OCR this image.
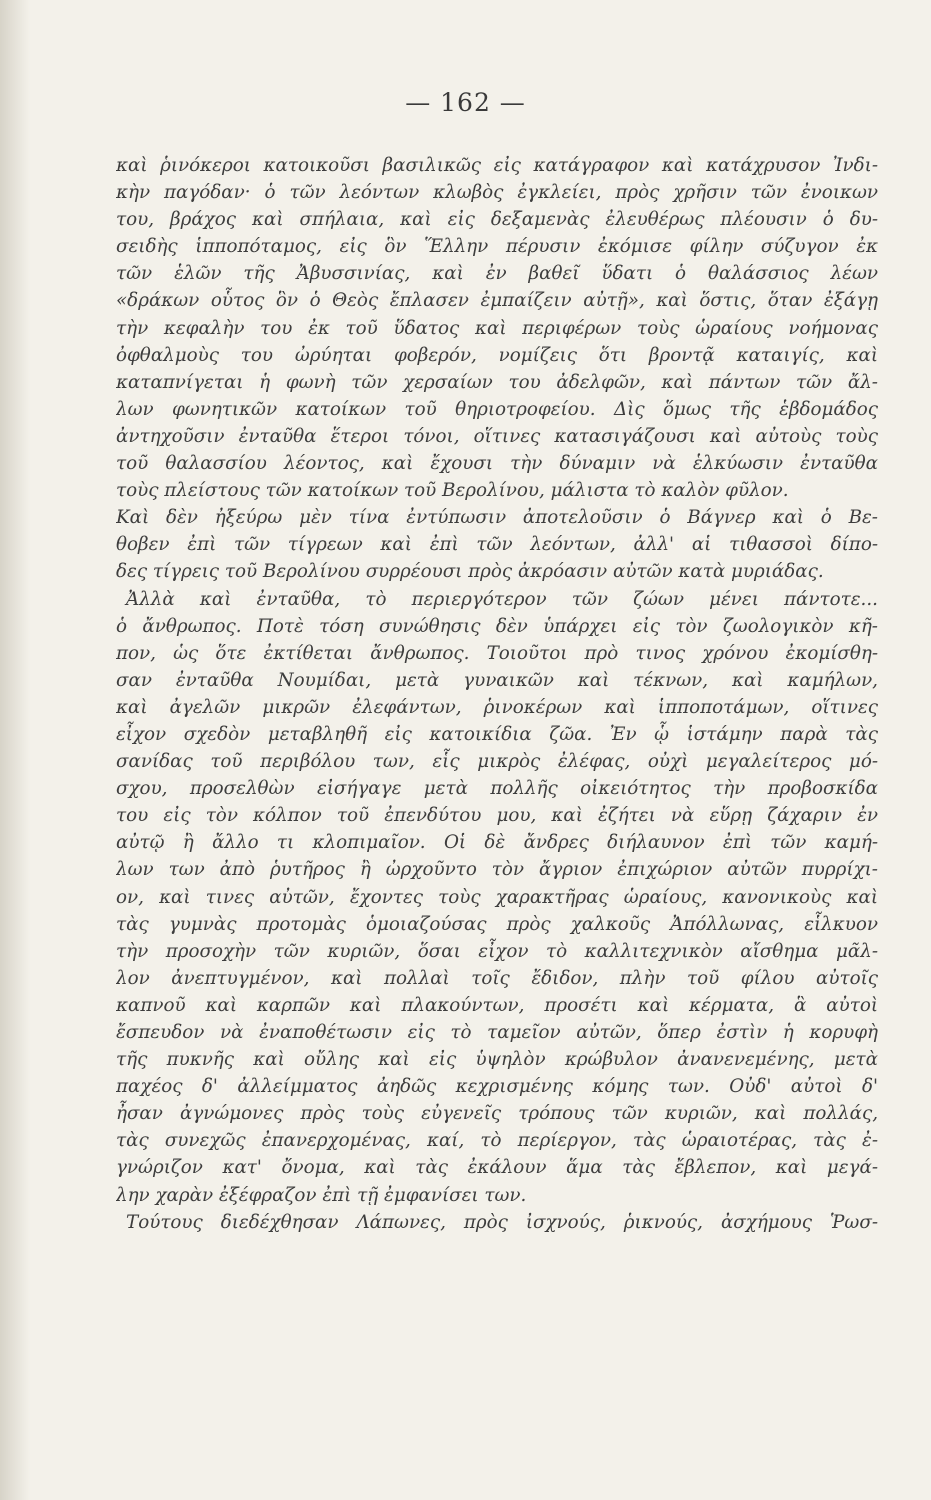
— 162 —
καὶ ῥινόκεροι κατοικοῦσι βασιλικῶς εἰς κατάγραφον καὶ κατάχρυσον Ἰνδι-
κὴν παγόδαν· ὁ τῶν λεόντων κλωβὸς ἐγκλείει, πρὸς χρῆσιν τῶν ἐνοικων
του, βράχος καὶ σπήλαια, καὶ εἰς δεξαμενὰς ἐλευθέρως πλέουσιν ὁ δυ-
σειδὴς ἱπποπόταμος, εἰς ὃν Ἕλλην πέρυσιν ἐκόμισε φίλην σύζυγον ἐκ
τῶν ἑλῶν τῆς Ἀβυσσινίας, καὶ ἐν βαθεῖ ὕδατι ὁ θαλάσσιος λέων
«δράκων οὗτος ὃν ὁ Θεὸς ἔπλασεν ἐμπαίζειν αὐτῇ», καὶ ὅστις, ὅταν ἐξάγῃ
τὴν κεφαλὴν του ἐκ τοῦ ὕδατος καὶ περιφέρων τοὺς ὡραίους νοήμονας
ὀφθαλμοὺς του ὠρύηται φοβερόν, νομίζεις ὅτι βροντᾷ καταιγίς, καὶ
καταπνίγεται ἡ φωνὴ τῶν χερσαίων του ἀδελφῶν, καὶ πάντων τῶν ἄλ-
λων φωνητικῶν κατοίκων τοῦ θηριοτροφείου. Δὶς ὅμως τῆς ἑβδομάδος
ἀντηχοῦσιν ἐνταῦθα ἕτεροι τόνοι, οἵτινες κατασιγάζουσι καὶ αὐτοὺς τοὺς
τοῦ θαλασσίου λέοντος, καὶ ἔχουσι τὴν δύναμιν νὰ ἑλκύωσιν ἐνταῦθα
τοὺς πλείστους τῶν κατοίκων τοῦ Βερολίνου, μάλιστα τὸ καλὸν φῦλον.
Καὶ δὲν ἠξεύρω μὲν τίνα ἐντύπωσιν ἀποτελοῦσιν ὁ Βάγνερ καὶ ὁ Βε-
θοβεν ἐπὶ τῶν τίγρεων καὶ ἐπὶ τῶν λεόντων, ἀλλ' αἱ τιθασσοὶ δίπο-
δες τίγρεις τοῦ Βερολίνου συρρέουσι πρὸς ἀκρόασιν αὐτῶν κατὰ μυριάδας.
Ἀλλὰ καὶ ἐνταῦθα, τὸ περιεργότερον τῶν ζώων μένει πάντοτε...
ὁ ἄνθρωπος. Ποτὲ τόση συνώθησις δὲν ὑπάρχει εἰς τὸν ζωολογικὸν κῆ-
πον, ὡς ὅτε ἐκτίθεται ἄνθρωπος. Τοιοῦτοι πρὸ τινος χρόνου ἐκομίσθη-
σαν ἐνταῦθα Νουμίδαι, μετὰ γυναικῶν καὶ τέκνων, καὶ καμήλων,
καὶ ἀγελῶν μικρῶν ἐλεφάντων, ῥινοκέρων καὶ ἱπποποτάμων, οἵτινες
εἶχον σχεδὸν μεταβληθῆ εἰς κατοικίδια ζῶα. Ἐν ᾧ ἱστάμην παρὰ τὰς
σανίδας τοῦ περιβόλου των, εἷς μικρὸς ἐλέφας, οὐχὶ μεγαλείτερος μό-
σχου, προσελθὼν εἰσήγαγε μετὰ πολλῆς οἰκειότητος τὴν προβοσκίδα
του εἰς τὸν κόλπον τοῦ ἐπενδύτου μου, καὶ ἐζήτει νὰ εὕρῃ ζάχαριν ἐν
αὐτῷ ἢ ἄλλο τι κλοπιμαῖον. Οἱ δὲ ἄνδρες διήλαυνον ἐπὶ τῶν καμή-
λων των ἀπὸ ῥυτῆρος ἢ ὠρχοῦντο τὸν ἄγριον ἐπιχώριον αὐτῶν πυρρίχι-
ον, καὶ τινες αὐτῶν, ἔχοντες τοὺς χαρακτῆρας ὡραίους, κανονικοὺς καὶ
τὰς γυμνὰς προτομὰς ὁμοιαζούσας πρὸς χαλκοῦς Ἀπόλλωνας, εἷλκυον
τὴν προσοχὴν τῶν κυριῶν, ὅσαι εἶχον τὸ καλλιτεχνικὸν αἴσθημα μᾶλ-
λον ἀνεπτυγμένον, καὶ πολλαὶ τοῖς ἔδιδον, πλὴν τοῦ φίλου αὐτοῖς
καπνοῦ καὶ καρπῶν καὶ πλακούντων, προσέτι καὶ κέρματα, ἃ αὐτοὶ
ἔσπευδον νὰ ἐναποθέτωσιν εἰς τὸ ταμεῖον αὐτῶν, ὅπερ ἐστὶν ἡ κορυφὴ
τῆς πυκνῆς καὶ οὔλης καὶ εἰς ὑψηλὸν κρώβυλον ἀνανενεμένης, μετὰ
παχέος δ' ἀλλείμματος ἀηδῶς κεχρισμένης κόμης των. Οὐδ' αὐτοὶ δ'
ἦσαν ἀγνώμονες πρὸς τοὺς εὐγενεῖς τρόπους τῶν κυριῶν, καὶ πολλάς,
τὰς συνεχῶς ἐπανερχομένας, καί, τὸ περίεργον, τὰς ὡραιοτέρας, τὰς ἐ-
γνώριζον κατ' ὄνομα, καὶ τὰς ἐκάλουν ἅμα τὰς ἔβλεπον, καὶ μεγά-
λην χαρὰν ἐξέφραζον ἐπὶ τῇ ἐμφανίσει των.
Τούτους διεδέχθησαν Λάπωνες, πρὸς ἰσχνούς, ῥικνούς, ἀσχήμους Ῥωσ-
